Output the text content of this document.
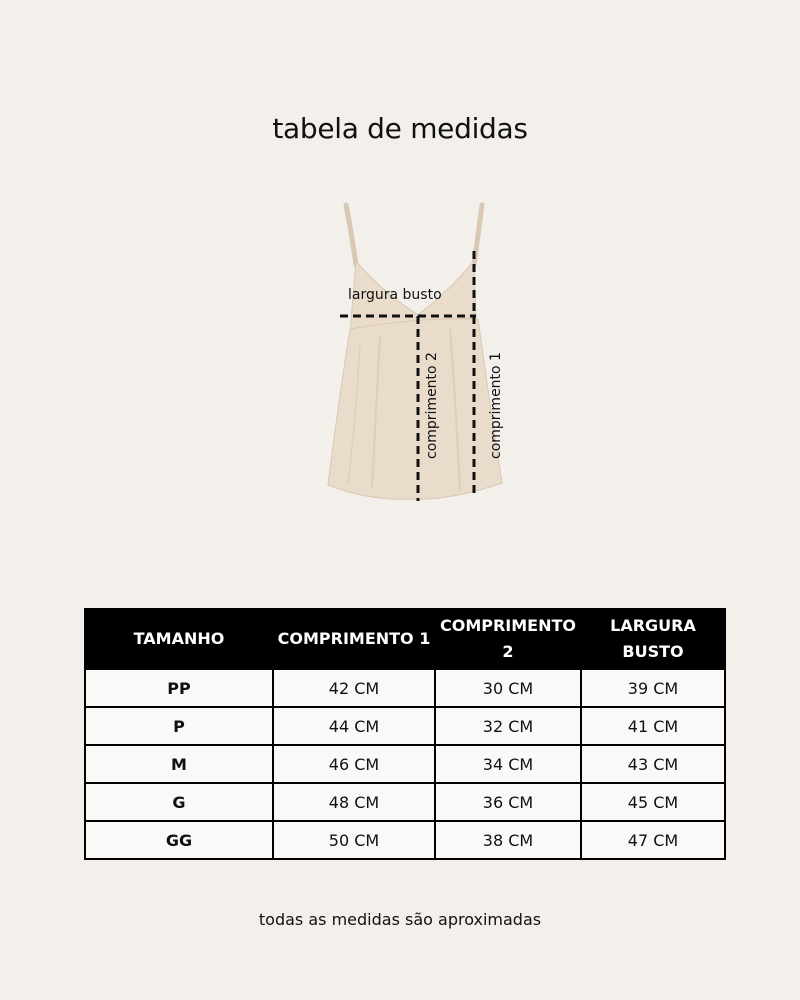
tabela de medidas
largura busto
comprimento 2	comprimento 1
TAMANHO	COMPRIMENTO 1	COMPRIMENTO 2	LARGURA BUSTO
PP	42 CM	30 CM	39 CM
P	44 CM	32 CM	41 CM
M	46 CM	34 CM	43 CM
G	48 CM	36 CM	45 CM
GG	50 CM	38 CM	47 CM
todas as medidas são aproximadas
